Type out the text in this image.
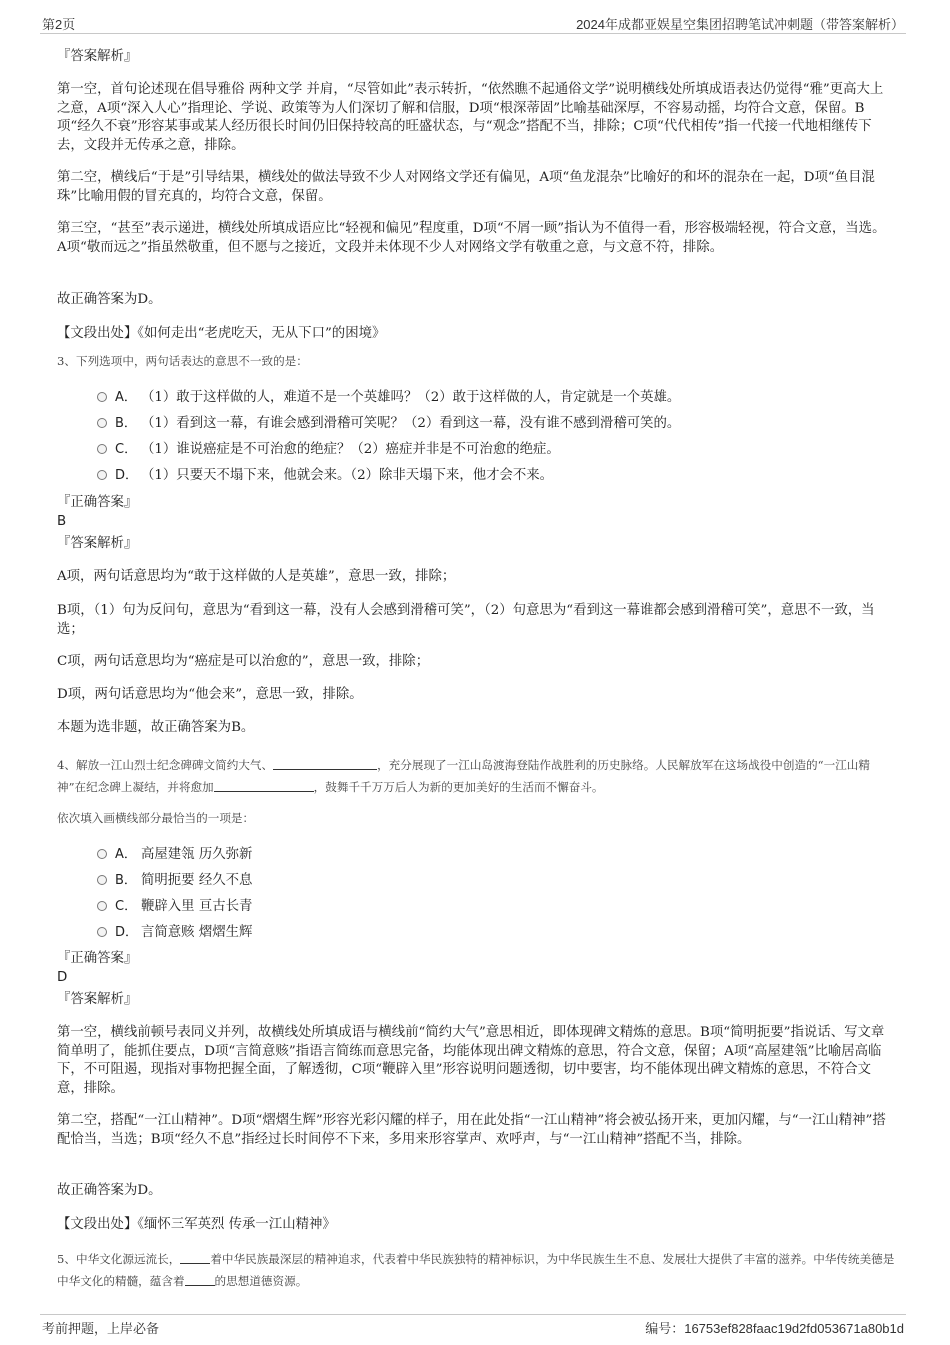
第2页	2024年成都亚娱星空集团招聘笔试冲刺题（带答案解析）
『答案解析』
第一空，首句论述现在倡导雅俗 两种文学 并肩，“尽管如此”表示转折，“依然瞧不起通俗文学”说明横线处所填成语表达仍觉得“雅”更高大上之意，A项“深入人心”指理论、学说、政策等为人们深切了解和信服，D项“根深蒂固”比喻基础深厚，不容易动摇，均符合文意，保留。B项“经久不衰”形容某事或某人经历很长时间仍旧保持较高的旺盛状态，与“观念”搭配不当，排除；C项“代代相传”指一代接一代地相继传下去，文段并无传承之意，排除。
第二空，横线后“于是”引导结果，横线处的做法导致不少人对网络文学还有偏见，A项“鱼龙混杂”比喻好的和坏的混杂在一起，D项“鱼目混珠”比喻用假的冒充真的，均符合文意，保留。
第三空，“甚至”表示递进，横线处所填成语应比“轻视和偏见”程度重，D项“不屑一顾”指认为不值得一看，形容极端轻视，符合文意，当选。A项“敬而远之”指虽然敬重，但不愿与之接近，文段并未体现不少人对网络文学有敬重之意，与文意不符，排除。
故正确答案为D。
【文段出处】《如何走出“老虎吃天，无从下口”的困境》
3、下列选项中，两句话表达的意思不一致的是：
A． （1）敢于这样做的人，难道不是一个英雄吗？（2）敢于这样做的人，肯定就是一个英雄。
B． （1）看到这一幕，有谁会感到滑稽可笑呢？（2）看到这一幕，没有谁不感到滑稽可笑的。
C． （1）谁说癌症是不可治愈的绝症？（2）癌症并非是不可治愈的绝症。
D． （1）只要天不塌下来，他就会来。（2）除非天塌下来，他才会不来。
『正确答案』
B
『答案解析』
A项，两句话意思均为“敢于这样做的人是英雄”，意思一致，排除；
B项，（1）句为反问句，意思为“看到这一幕，没有人会感到滑稽可笑”，（2）句意思为“看到这一幕谁都会感到滑稽可笑”，意思不一致，当选；
C项，两句话意思均为“癌症是可以治愈的”，意思一致，排除；
D项，两句话意思均为“他会来”，意思一致，排除。
本题为选非题，故正确答案为B。
4、解放一江山烈士纪念碑碑文简约大气、	，充分展现了一江山岛渡海登陆作战胜利的历史脉络。人民解放军在这场战役中创造的“一江山精神”在纪念碑上凝结，并将愈加	，鼓舞千千万万后人为新的更加美好的生活而不懈奋斗。
依次填入画横线部分最恰当的一项是：
A． 高屋建瓴 历久弥新
B． 简明扼要 经久不息
C． 鞭辟入里 亘古长青
D． 言简意赅 熠熠生辉
『正确答案』
D
『答案解析』
第一空，横线前顿号表同义并列，故横线处所填成语与横线前“简约大气”意思相近，即体现碑文精炼的意思。B项“简明扼要”指说话、写文章简单明了，能抓住要点，D项“言简意赅”指语言简练而意思完备，均能体现出碑文精炼的意思，符合文意，保留；A项“高屋建瓴”比喻居高临下，不可阻遏，现指对事物把握全面，了解透彻，C项“鞭辟入里”形容说明问题透彻，切中要害，均不能体现出碑文精炼的意思，不符合文意，排除。
第二空，搭配“一江山精神”。D项“熠熠生辉”形容光彩闪耀的样子，用在此处指“一江山精神”将会被弘扬开来，更加闪耀，与“一江山精神”搭配恰当，当选；B项“经久不息”指经过长时间停不下来，多用来形容掌声、欢呼声，与“一江山精神”搭配不当，排除。
故正确答案为D。
【文段出处】《缅怀三军英烈 传承一江山精神》
5、中华文化源远流长，	着中华民族最深层的精神追求，代表着中华民族独特的精神标识，为中华民族生生不息、发展壮大提供了丰富的滋养。中华传统美德是中华文化的精髓，蕴含着	的思想道德资源。
考前押题，上岸必备	编号：16753ef828faac19d2fd053671a80b1d
